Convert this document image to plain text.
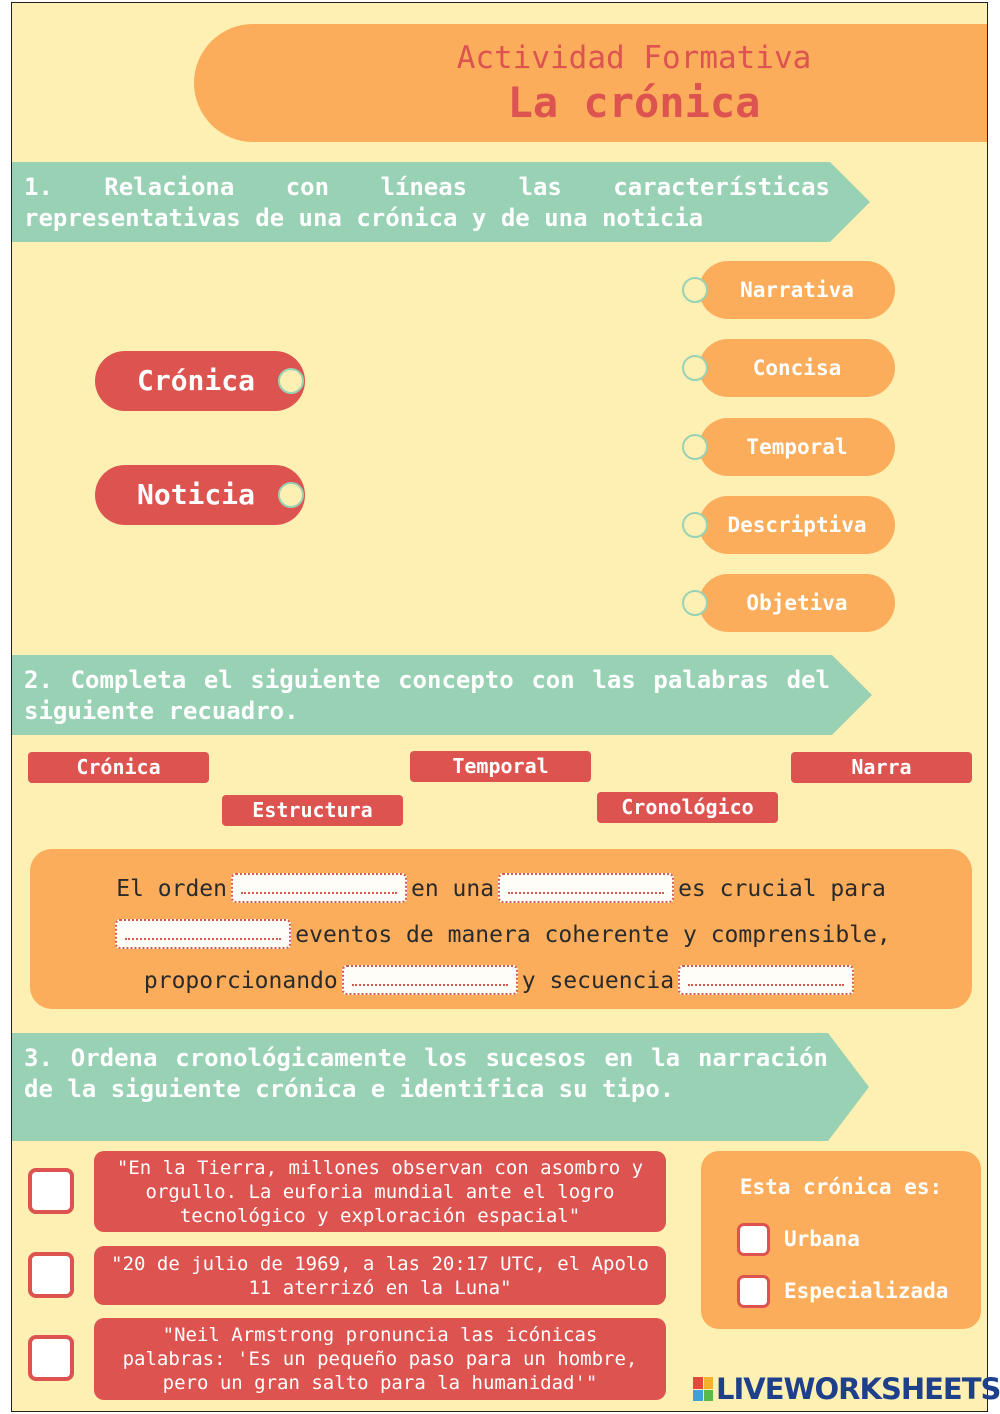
Actividad Formativa
La crónica
1. Relaciona con líneas las características representativas de una crónica y de una noticia
Crónica
Noticia
Narrativa
Concisa
Temporal
Descriptiva
Objetiva
2. Completa el siguiente concepto con las palabras del siguiente recuadro.
Crónica	Temporal	Narra
Estructura	Cronológico
El orden	en una	es crucial para
eventos de manera coherente y comprensible,
proporcionando	y secuencia
3. Ordena cronológicamente los sucesos en la narración de la siguiente crónica e identifica su tipo.
"En la Tierra, millones observan con asombro y orgullo. La euforia mundial ante el logro tecnológico y exploración espacial"
"20 de julio de 1969, a las 20:17 UTC, el Apolo 11 aterrizó en la Luna"
"Neil Armstrong pronuncia las icónicas palabras: 'Es un pequeño paso para un hombre, pero un gran salto para la humanidad'"
Esta crónica es:
Urbana
Especializada
LIVEWORKSHEETS
